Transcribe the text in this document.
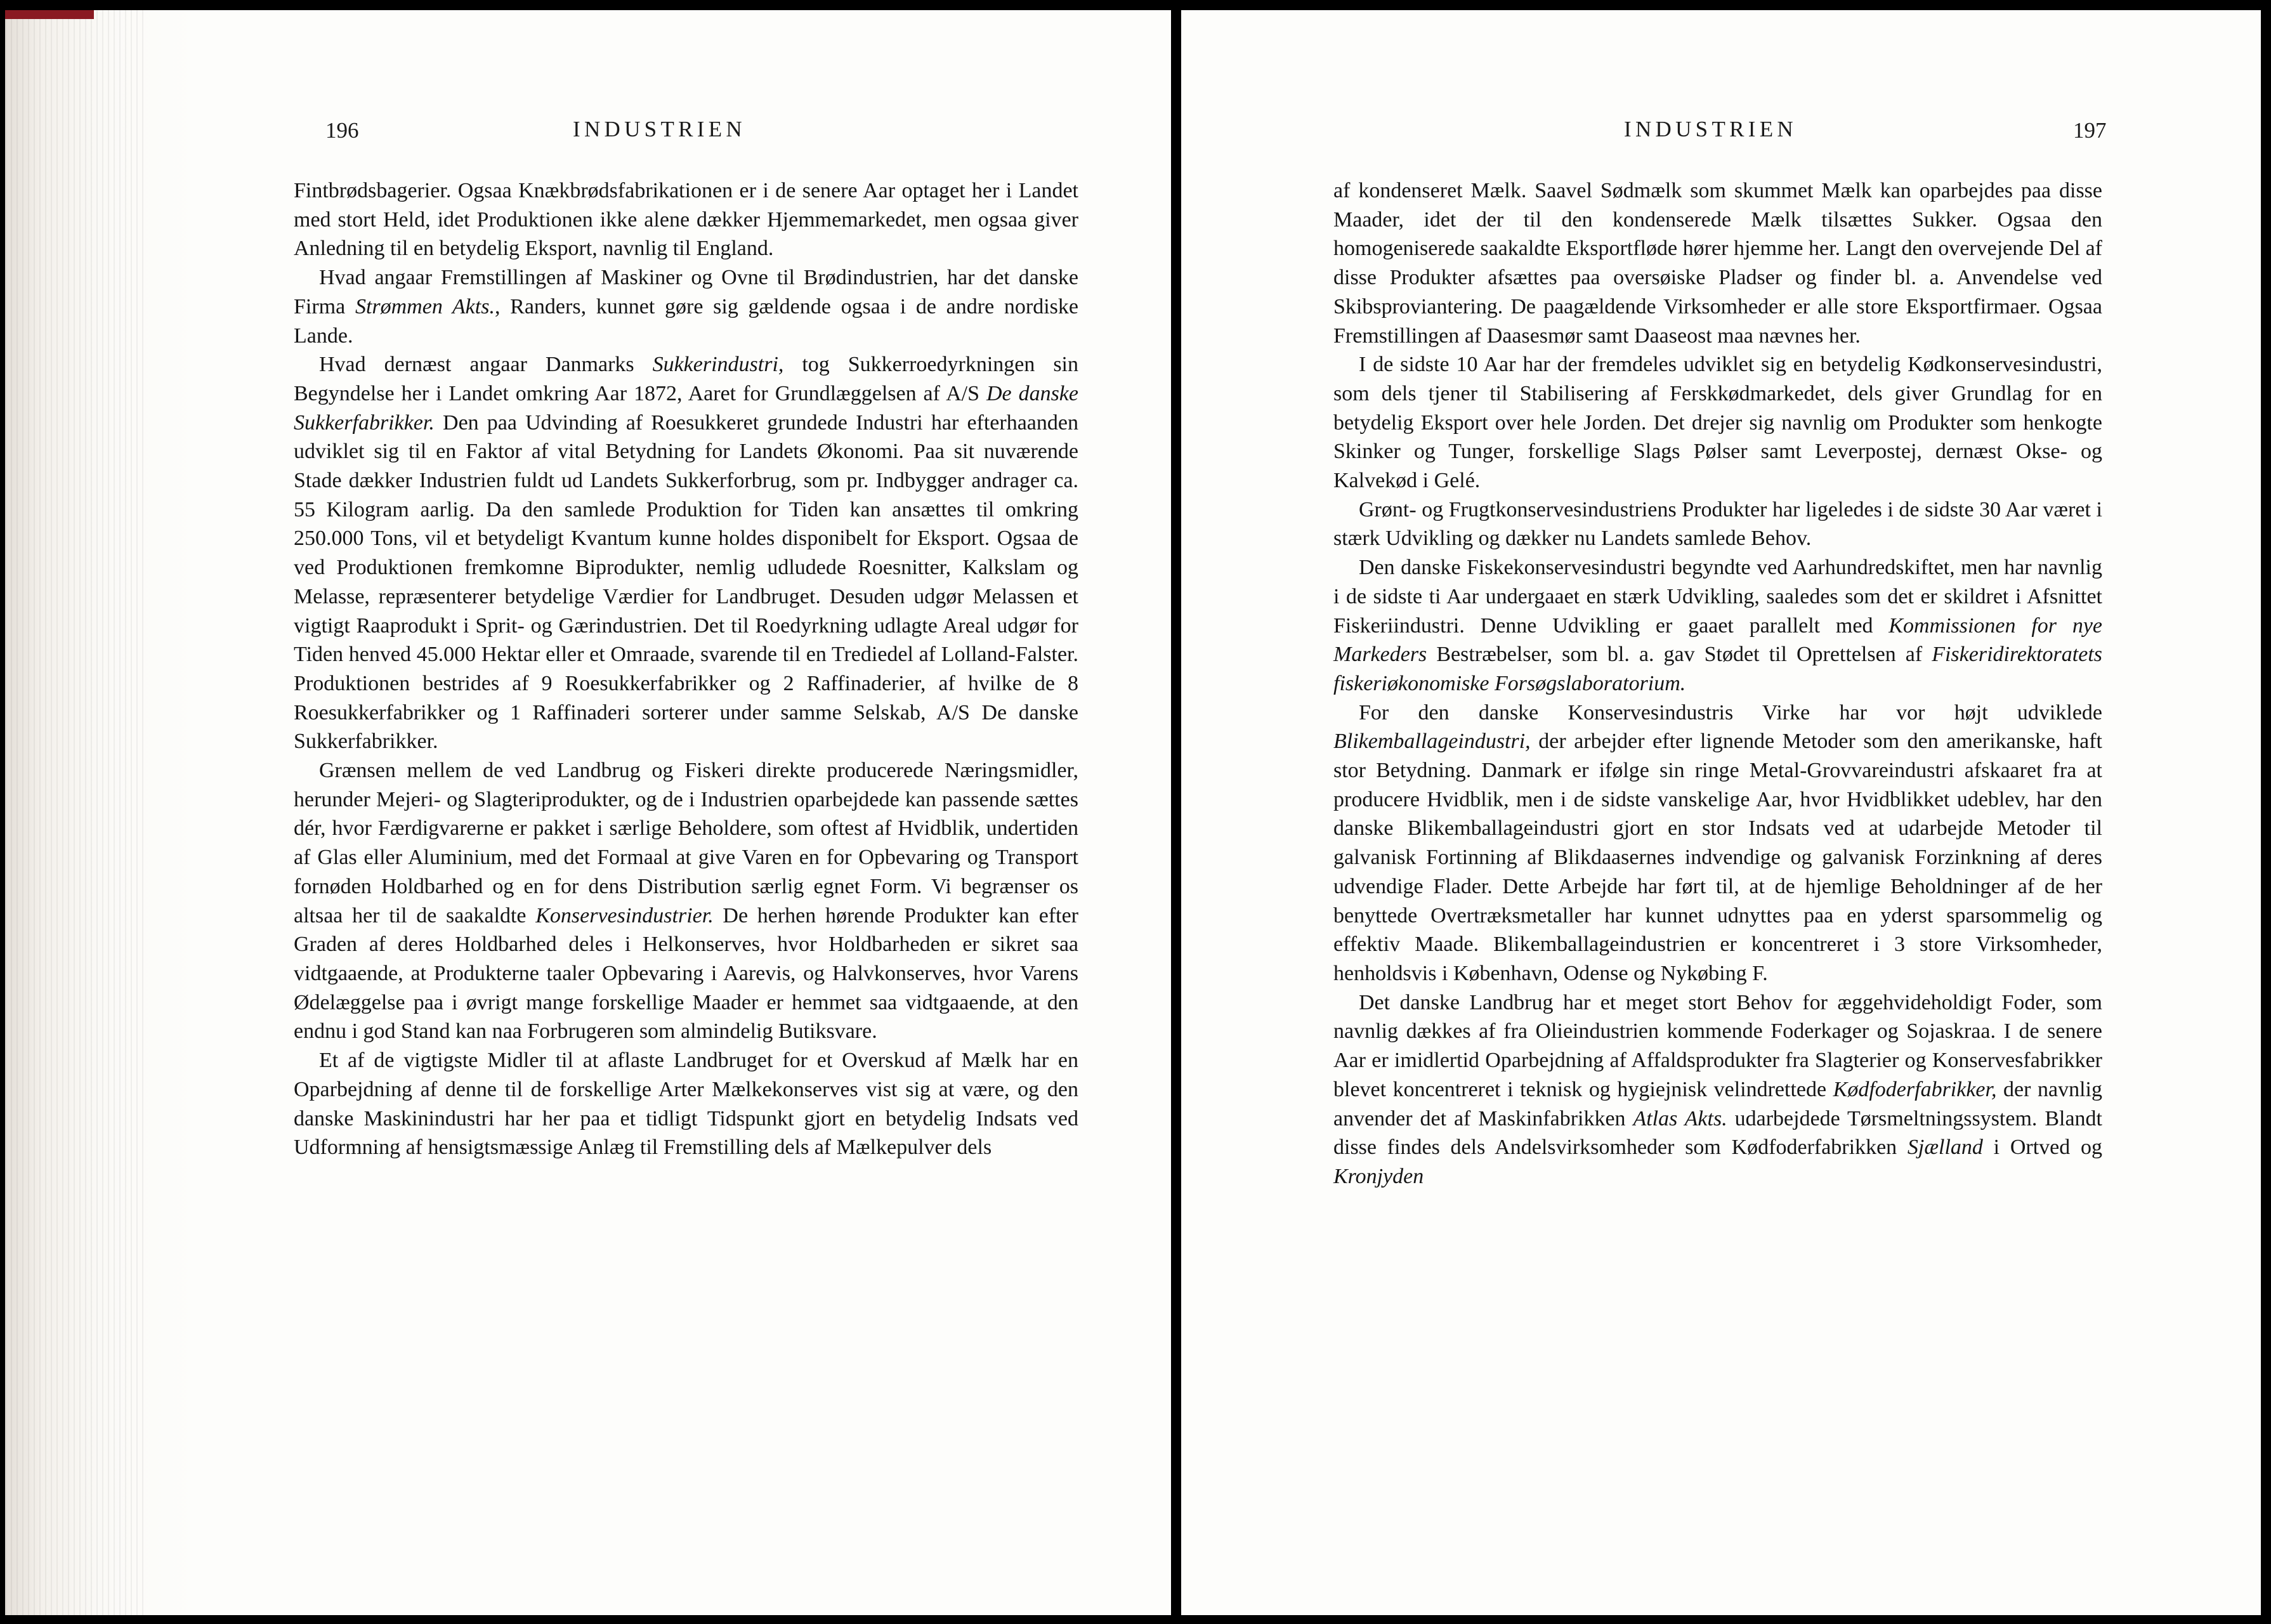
196	INDUSTRIEN

Fintbrødsbagerier. Ogsaa Knækbrødsfabrikationen er i de senere Aar optaget her i Landet med stort Held, idet Produktionen ikke alene dækker Hjemmemarkedet, men ogsaa giver Anledning til en betydelig Eksport, navnlig til England.

Hvad angaar Fremstillingen af Maskiner og Ovne til Brødindustrien, har det danske Firma Strømmen Akts., Randers, kunnet gøre sig gældende ogsaa i de andre nordiske Lande.

Hvad dernæst angaar Danmarks Sukkerindustri, tog Sukkerroedyrkningen sin Begyndelse her i Landet omkring Aar 1872, Aaret for Grundlæggelsen af A/S De danske Sukkerfabrikker. Den paa Udvinding af Roesukkeret grundede Industri har efterhaanden udviklet sig til en Faktor af vital Betydning for Landets Økonomi. Paa sit nuværende Stade dækker Industrien fuldt ud Landets Sukkerforbrug, som pr. Indbygger andrager ca. 55 Kilogram aarlig. Da den samlede Produktion for Tiden kan ansættes til omkring 250.000 Tons, vil et betydeligt Kvantum kunne holdes disponibelt for Eksport. Ogsaa de ved Produktionen fremkomne Biprodukter, nemlig udludede Roesnitter, Kalkslam og Melasse, repræsenterer betydelige Værdier for Landbruget. Desuden udgør Melassen et vigtigt Raaprodukt i Sprit- og Gærindustrien. Det til Roedyrkning udlagte Areal udgør for Tiden henved 45.000 Hektar eller et Omraade, svarende til en Trediedel af Lolland-Falster. Produktionen bestrides af 9 Roesukkerfabrikker og 2 Raffinaderier, af hvilke de 8 Roesukkerfabrikker og 1 Raffinaderi sorterer under samme Selskab, A/S De danske Sukkerfabrikker.

Grænsen mellem de ved Landbrug og Fiskeri direkte producerede Næringsmidler, herunder Mejeri- og Slagteriprodukter, og de i Industrien oparbejdede kan passende sættes dér, hvor Færdigvarerne er pakket i særlige Beholdere, som oftest af Hvidblik, undertiden af Glas eller Aluminium, med det Formaal at give Varen en for Opbevaring og Transport fornøden Holdbarhed og en for dens Distribution særlig egnet Form. Vi begrænser os altsaa her til de saakaldte Konservesindustrier. De herhen hørende Produkter kan efter Graden af deres Holdbarhed deles i Helkonserves, hvor Holdbarheden er sikret saa vidtgaaende, at Produkterne taaler Opbevaring i Aarevis, og Halvkonserves, hvor Varens Ødelæggelse paa i øvrigt mange forskellige Maader er hemmet saa vidtgaaende, at den endnu i god Stand kan naa Forbrugeren som almindelig Butiksvare.

Et af de vigtigste Midler til at aflaste Landbruget for et Overskud af Mælk har en Oparbejdning af denne til de forskellige Arter Mælkekonserves vist sig at være, og den danske Maskinindustri har her paa et tidligt Tidspunkt gjort en betydelig Indsats ved Udformning af hensigtsmæssige Anlæg til Fremstilling dels af Mælkepulver dels

INDUSTRIEN	197

af kondenseret Mælk. Saavel Sødmælk som skummet Mælk kan oparbejdes paa disse Maader, idet der til den kondenserede Mælk tilsættes Sukker. Ogsaa den homogeniserede saakaldte Eksportfløde hører hjemme her. Langt den overvejende Del af disse Produkter afsættes paa oversøiske Pladser og finder bl. a. Anvendelse ved Skibsproviantering. De paagældende Virksomheder er alle store Eksportfirmaer. Ogsaa Fremstillingen af Daasesmør samt Daaseost maa nævnes her.

I de sidste 10 Aar har der fremdeles udviklet sig en betydelig Kødkonservesindustri, som dels tjener til Stabilisering af Ferskkødmarkedet, dels giver Grundlag for en betydelig Eksport over hele Jorden. Det drejer sig navnlig om Produkter som henkogte Skinker og Tunger, forskellige Slags Pølser samt Leverpostej, dernæst Okse- og Kalvekød i Gelé.

Grønt- og Frugtkonservesindustriens Produkter har ligeledes i de sidste 30 Aar været i stærk Udvikling og dækker nu Landets samlede Behov.

Den danske Fiskekonservesindustri begyndte ved Aarhundredskiftet, men har navnlig i de sidste ti Aar undergaaet en stærk Udvikling, saaledes som det er skildret i Afsnittet Fiskeriindustri. Denne Udvikling er gaaet parallelt med Kommissionen for nye Markeders Bestræbelser, som bl. a. gav Stødet til Oprettelsen af Fiskeridirektoratets fiskeriøkonomiske Forsøgslaboratorium.

For den danske Konservesindustris Virke har vor højt udviklede Blikemballageindustri, der arbejder efter lignende Metoder som den amerikanske, haft stor Betydning. Danmark er ifølge sin ringe Metal-Grovvareindustri afskaaret fra at producere Hvidblik, men i de sidste vanskelige Aar, hvor Hvidblikket udeblev, har den danske Blikemballageindustri gjort en stor Indsats ved at udarbejde Metoder til galvanisk Fortinning af Blikdaasernes indvendige og galvanisk Forzinkning af deres udvendige Flader. Dette Arbejde har ført til, at de hjemlige Beholdninger af de her benyttede Overtræksmetaller har kunnet udnyttes paa en yderst sparsommelig og effektiv Maade. Blikemballageindustrien er koncentreret i 3 store Virksomheder, henholdsvis i København, Odense og Nykøbing F.

Det danske Landbrug har et meget stort Behov for æggehvideholdigt Foder, som navnlig dækkes af fra Olieindustrien kommende Foderkager og Sojaskraa. I de senere Aar er imidlertid Oparbejdning af Affaldsprodukter fra Slagterier og Konservesfabrikker blevet koncentreret i teknisk og hygiejnisk velindrettede Kødfoderfabrikker, der navnlig anvender det af Maskinfabrikken Atlas Akts. udarbejdede Tørsmeltningssystem. Blandt disse findes dels Andelsvirksomheder som Kødfoderfabrikken Sjælland i Ortved og Kronjyden
